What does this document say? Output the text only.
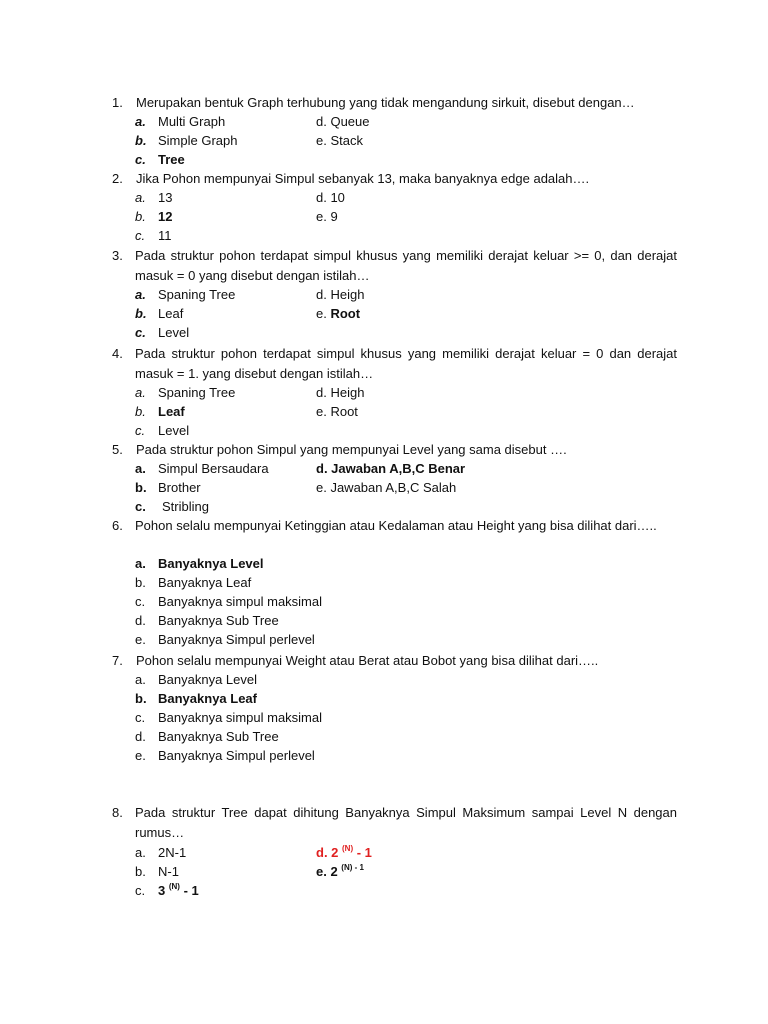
1. Merupakan bentuk Graph terhubung yang tidak mengandung sirkuit, disebut dengan…
a. Multi Graph	d. Queue
b. Simple Graph	e. Stack
c. Tree
2. Jika Pohon mempunyai Simpul sebanyak 13, maka banyaknya edge adalah….
a. 13	d. 10
b. 12	e. 9
c. 11
3. Pada struktur pohon terdapat simpul khusus yang memiliki derajat keluar >= 0, dan derajat masuk = 0 yang disebut dengan istilah…
a. Spaning Tree	d. Heigh
b. Leaf	e. Root
c. Level
4. Pada struktur pohon terdapat simpul khusus yang memiliki derajat keluar = 0 dan derajat masuk = 1. yang disebut dengan istilah…
a. Spaning Tree	d. Heigh
b. Leaf	e. Root
c. Level
5. Pada struktur pohon Simpul yang mempunyai Level yang sama disebut ….
a. Simpul Bersaudara	d. Jawaban A,B,C Benar
b. Brother	e. Jawaban A,B,C Salah
c. Stribling
6. Pohon selalu mempunyai Ketinggian atau Kedalaman atau Height yang bisa dilihat dari…..
a. Banyaknya Level
b. Banyaknya Leaf
c. Banyaknya simpul maksimal
d. Banyaknya Sub Tree
e. Banyaknya Simpul perlevel
7. Pohon selalu mempunyai Weight atau Berat atau Bobot yang bisa dilihat dari…..
a. Banyaknya Level
b. Banyaknya Leaf
c. Banyaknya simpul maksimal
d. Banyaknya Sub Tree
e. Banyaknya Simpul perlevel
8. Pada struktur Tree dapat dihitung Banyaknya Simpul Maksimum sampai Level N dengan rumus…
a. 2N-1	d. 2 $^{(N)}$ - 1
b. N-1	e. 2 $^{(N) - 1}$
c. 3 $^{(N)}$ - 1
